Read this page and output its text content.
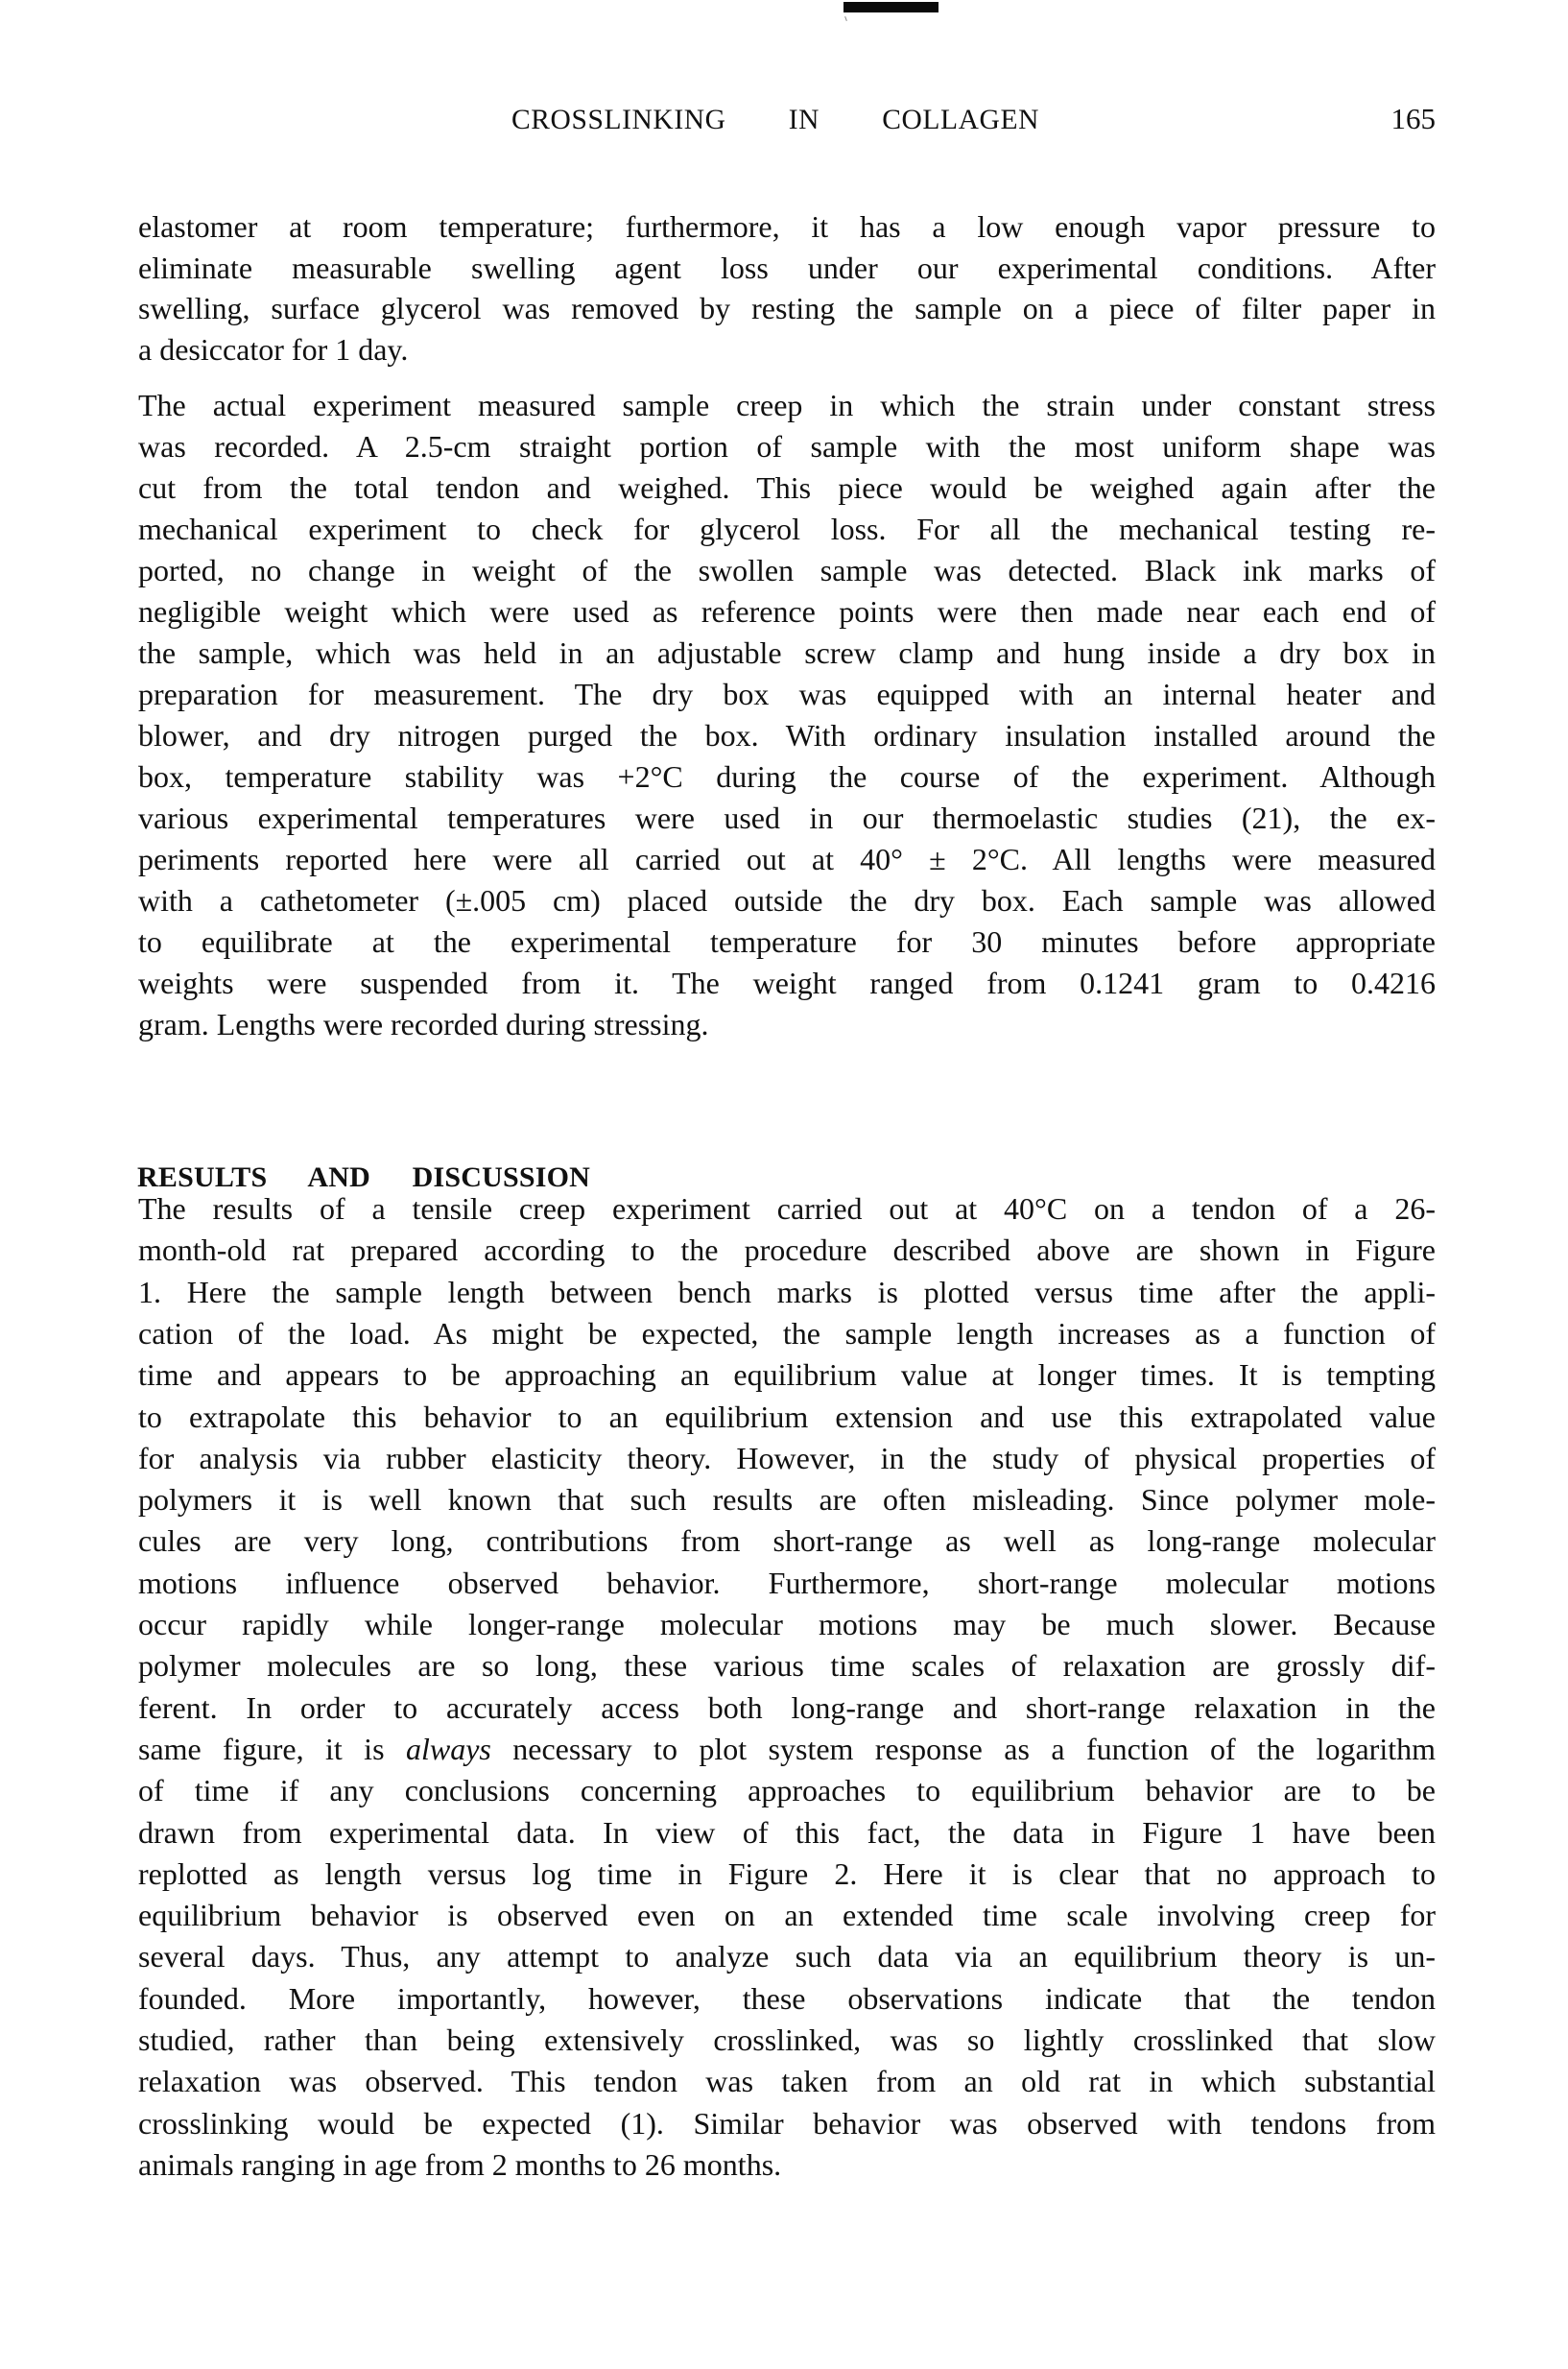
CROSSLINKING IN COLLAGEN	165
RESULTS AND DISCUSSION
elastomer at room temperature; furthermore, it has a low enough vapor pressure to
eliminate measurable swelling agent loss under our experimental conditions. After
swelling, surface glycerol was removed by resting the sample on a piece of filter paper in
a desiccator for 1 day.
The actual experiment measured sample creep in which the strain under constant stress
was recorded. A 2.5-cm straight portion of sample with the most uniform shape was
cut from the total tendon and weighed. This piece would be weighed again after the
mechanical experiment to check for glycerol loss. For all the mechanical testing re-
ported, no change in weight of the swollen sample was detected. Black ink marks of
negligible weight which were used as reference points were then made near each end of
the sample, which was held in an adjustable screw clamp and hung inside a dry box in
preparation for measurement. The dry box was equipped with an internal heater and
blower, and dry nitrogen purged the box. With ordinary insulation installed around the
box, temperature stability was +2°C during the course of the experiment. Although
various experimental temperatures were used in our thermoelastic studies (21), the ex-
periments reported here were all carried out at 40° ± 2°C. All lengths were measured
with a cathetometer (±.005 cm) placed outside the dry box. Each sample was allowed
to equilibrate at the experimental temperature for 30 minutes before appropriate
weights were suspended from it. The weight ranged from 0.1241 gram to 0.4216
gram. Lengths were recorded during stressing.
The results of a tensile creep experiment carried out at 40°C on a tendon of a 26-
month-old rat prepared according to the procedure described above are shown in Figure
1. Here the sample length between bench marks is plotted versus time after the appli-
cation of the load. As might be expected, the sample length increases as a function of
time and appears to be approaching an equilibrium value at longer times. It is tempting
to extrapolate this behavior to an equilibrium extension and use this extrapolated value
for analysis via rubber elasticity theory. However, in the study of physical properties of
polymers it is well known that such results are often misleading. Since polymer mole-
cules are very long, contributions from short-range as well as long-range molecular
motions influence observed behavior. Furthermore, short-range molecular motions
occur rapidly while longer-range molecular motions may be much slower. Because
polymer molecules are so long, these various time scales of relaxation are grossly dif-
ferent. In order to accurately access both long-range and short-range relaxation in the
same figure, it is always necessary to plot system response as a function of the logarithm
of time if any conclusions concerning approaches to equilibrium behavior are to be
drawn from experimental data. In view of this fact, the data in Figure 1 have been
replotted as length versus log time in Figure 2. Here it is clear that no approach to
equilibrium behavior is observed even on an extended time scale involving creep for
several days. Thus, any attempt to analyze such data via an equilibrium theory is un-
founded. More importantly, however, these observations indicate that the tendon
studied, rather than being extensively crosslinked, was so lightly crosslinked that slow
relaxation was observed. This tendon was taken from an old rat in which substantial
crosslinking would be expected (1). Similar behavior was observed with tendons from
animals ranging in age from 2 months to 26 months.
